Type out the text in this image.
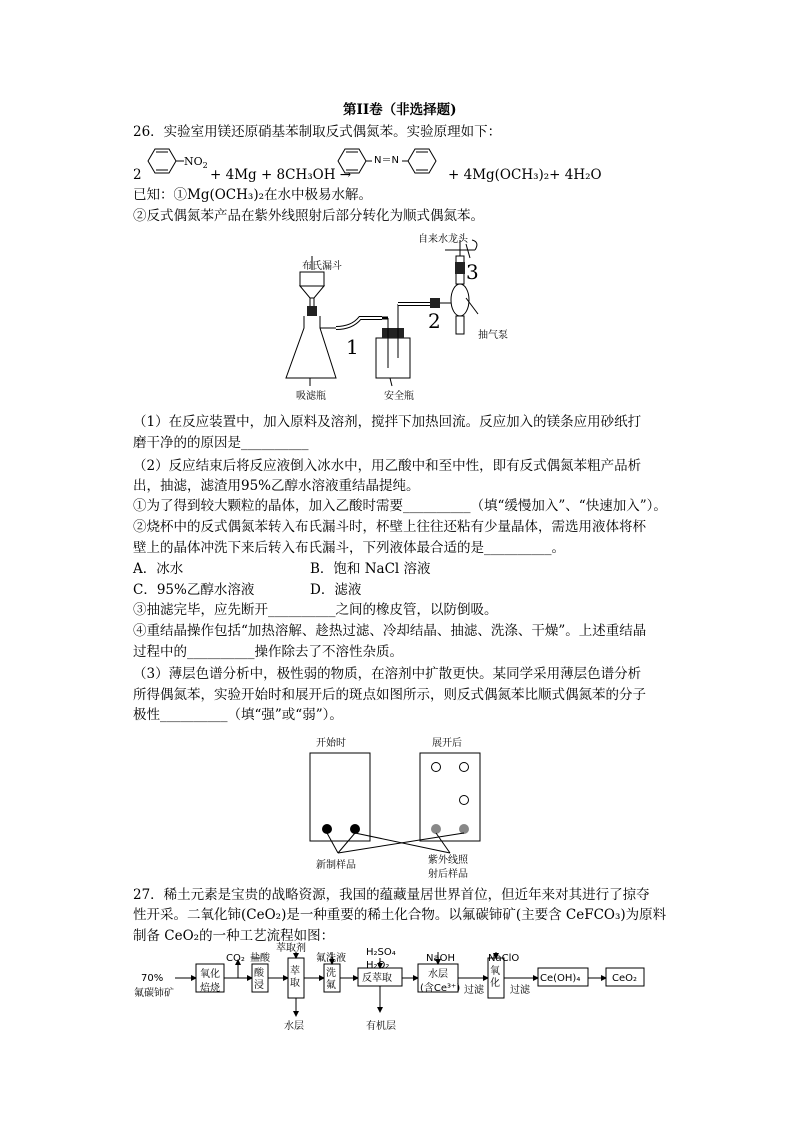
第II卷（非选择题)
26．实验室用镁还原硝基苯制取反式偶氮苯。实验原理如下：
2
$NO_2$
+ 4Mg + 8CH₃OH →
N＝N
+ 4Mg(OCH₃)₂+ 4H₂O
已知：①Mg(OCH₃)₂在水中极易水解。
②反式偶氮苯产品在紫外线照射后部分转化为顺式偶氮苯。
自来水龙头
布氏漏斗
吸滤瓶	安全瓶
抽气泵
1
2
3
（1）在反应装置中，加入原料及溶剂，搅拌下加热回流。反应加入的镁条应用砂纸打
磨干净的的原因是__________
（2）反应结束后将反应液倒入冰水中，用乙酸中和至中性，即有反式偶氮苯粗产品析
出，抽滤，滤渣用95%乙醇水溶液重结晶提纯。
①为了得到较大颗粒的晶体，加入乙酸时需要__________（填“缓慢加入”、“快速加入”）。
②烧杯中的反式偶氮苯转入布氏漏斗时，杯壁上往往还粘有少量晶体，需选用液体将杯
壁上的晶体冲洗下来后转入布氏漏斗，下列液体最合适的是__________。
A．冰水	B．饱和 NaCl 溶液
C．95%乙醇水溶液	D．滤液
③抽滤完毕，应先断开__________之间的橡皮管，以防倒吸。
④重结晶操作包括“加热溶解、趁热过滤、冷却结晶、抽滤、洗涤、干燥”。上述重结晶
过程中的__________操作除去了不溶性杂质。
（3）薄层色谱分析中，极性弱的物质，在溶剂中扩散更快。某同学采用薄层色谱分析
所得偶氮苯，实验开始时和展开后的斑点如图所示，则反式偶氮苯比顺式偶氮苯的分子
极性__________（填“强”或“弱”）。
开始时	展开后
新制样品	紫外线照
射后样品
27．稀土元素是宝贵的战略资源，我国的蕴藏量居世界首位，但近年来对其进行了掠夺
性开采。二氧化铈(CeO₂)是一种重要的稀土化合物。以氟碳铈矿(主要含 CeFCO₃)为原料
制备 CeO₂的一种工艺流程如图：
70%
氟碳铈矿
氧化
焙烧
CO₂ 盐酸
酸浸
萃取剂
萃取
水层
氟洗液
洗氟
H₂SO₄
H₂O₂
反萃取
有机层
NaOH
水层
(含Ce³⁺) 过滤
NaClO
氧化
过滤
Ce(OH)₄	CeO₂
